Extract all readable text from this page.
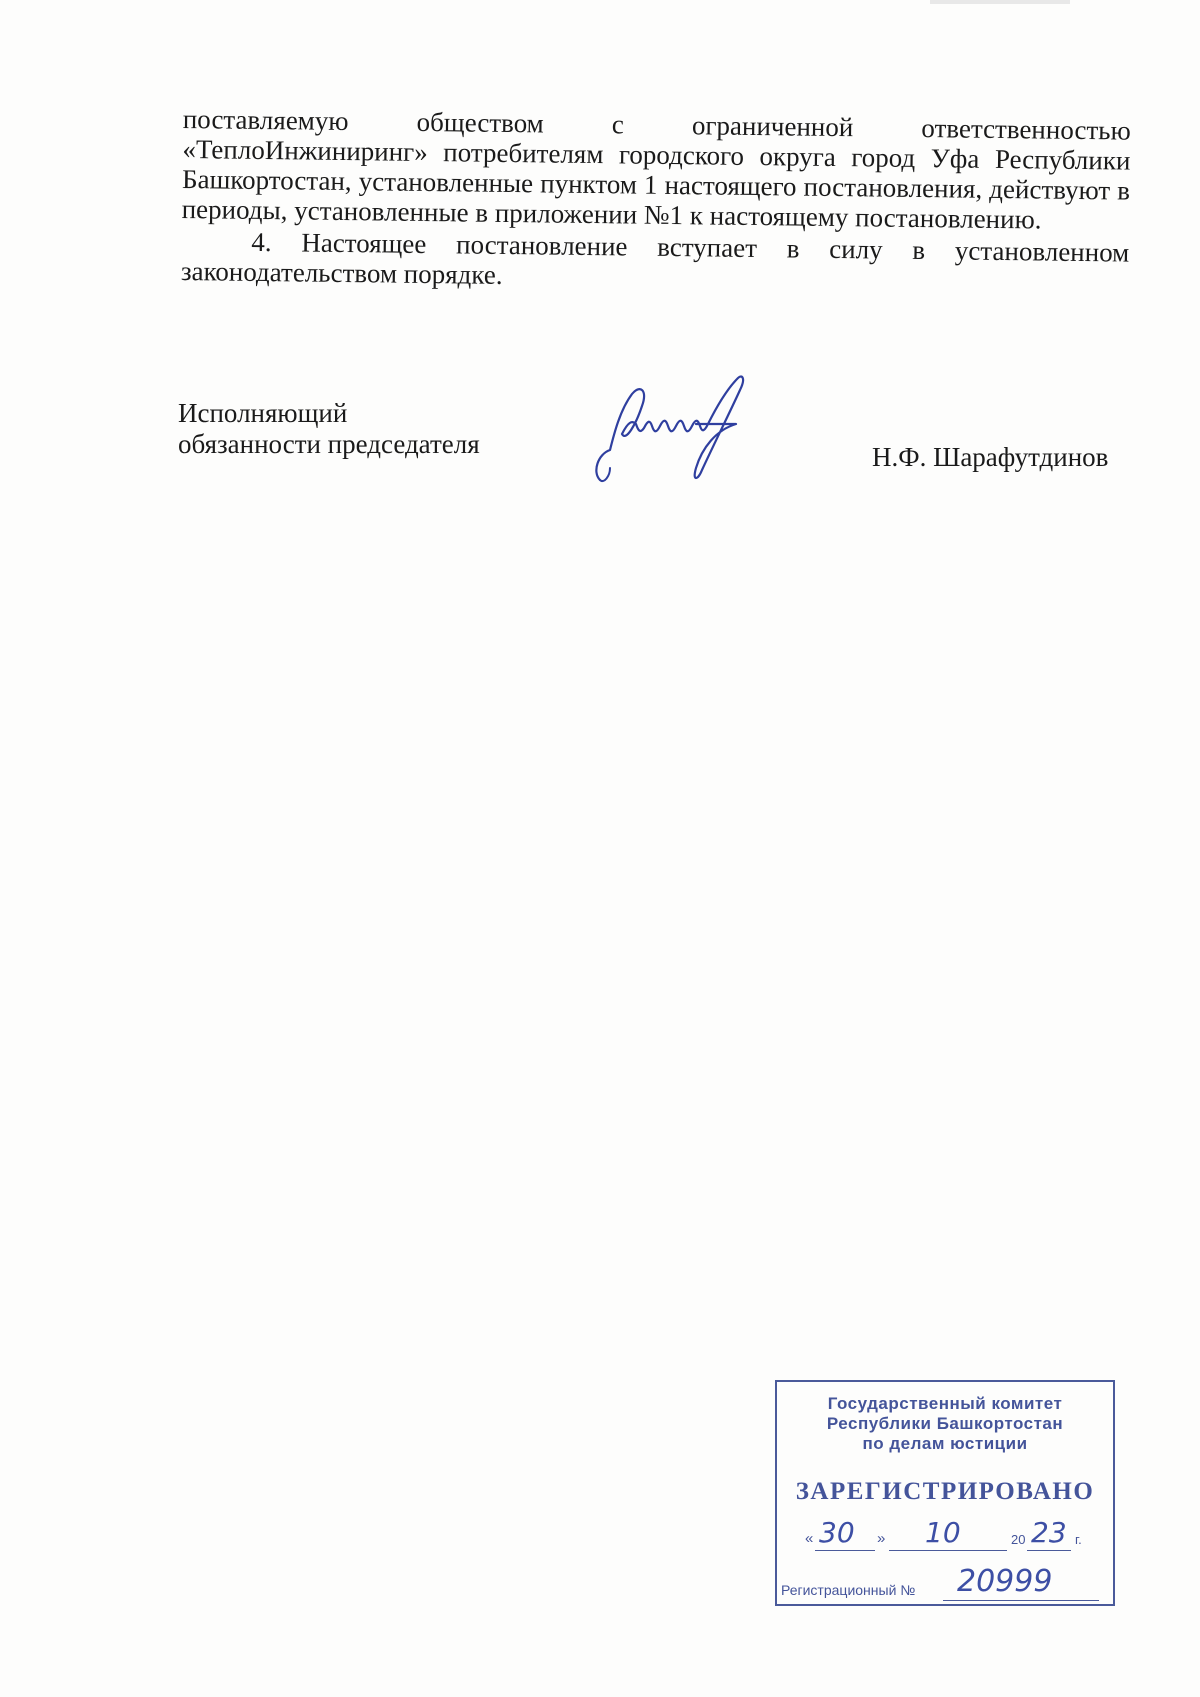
поставляемую обществом с ограниченной ответственностью «ТеплоИнжиниринг» потребителям городского округа город Уфа Республики Башкортостан, установленные пунктом 1 настоящего постановления, действуют в периоды, установленные в приложении №1 к настоящему постановлению.

4. Настоящее постановление вступает в силу в установленном законодательством порядке.

Исполняющий
обязанности председателя	Н.Ф. Шарафутдинов
Государственный комитет
Республики Башкортостан
по делам юстиции
ЗАРЕГИСТРИРОВАНО
« 30 » 10	20 23 г.
Регистрационный № 20999
